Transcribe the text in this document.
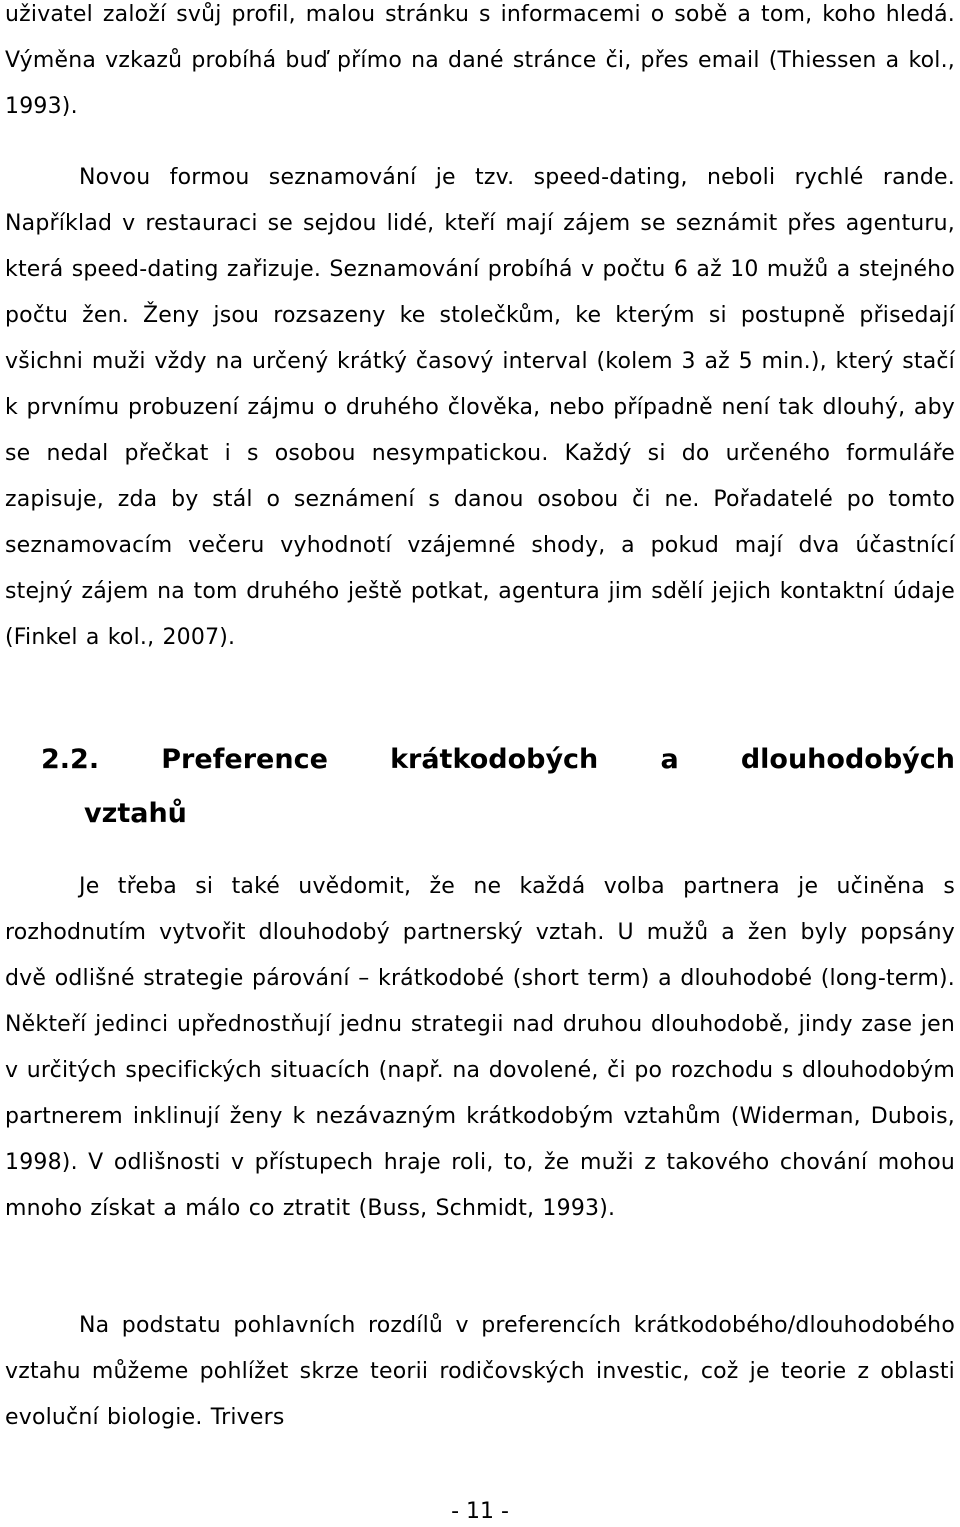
uživatel založí svůj profil, malou stránku s informacemi o sobě a tom, koho hledá. Výměna vzkazů probíhá buď přímo na dané stránce či, přes email (Thiessen a kol., 1993).

Novou formou seznamování je tzv. speed-dating, neboli rychlé rande. Například v restauraci se sejdou lidé, kteří mají zájem se seznámit přes agenturu, která speed-dating zařizuje. Seznamování probíhá v počtu 6 až 10 mužů a stejného počtu žen. Ženy jsou rozsazeny ke stolečkům, ke kterým si postupně přisedají všichni muži vždy na určený krátký časový interval (kolem 3 až 5 min.), který stačí k prvnímu probuzení zájmu o druhého člověka, nebo případně není tak dlouhý, aby se nedal přečkat i s osobou nesympatickou. Každý si do určeného formuláře zapisuje, zda by stál o seznámení s danou osobou či ne. Pořadatelé po tomto seznamovacím večeru vyhodnotí vzájemné shody, a pokud mají dva účastnící stejný zájem na tom druhého ještě potkat, agentura jim sdělí jejich kontaktní údaje (Finkel a kol., 2007).

2.2. Preference krátkodobých a dlouhodobých
vztahů

Je třeba si také uvědomit, že ne každá volba partnera je učiněna s rozhodnutím vytvořit dlouhodobý partnerský vztah. U mužů a žen byly popsány dvě odlišné strategie párování – krátkodobé (short term) a dlouhodobé (long-term). Někteří jedinci upřednostňují jednu strategii nad druhou dlouhodobě, jindy zase jen v určitých specifických situacích (např. na dovolené, či po rozchodu s dlouhodobým partnerem inklinují ženy k nezávazným krátkodobým vztahům (Widerman, Dubois, 1998). V odlišnosti v přístupech hraje roli, to, že muži z takového chování mohou mnoho získat a málo co ztratit (Buss, Schmidt, 1993).

Na podstatu pohlavních rozdílů v preferencích krátkodobého/dlouhodobého vztahu můžeme pohlížet skrze teorii rodičovských investic, což je teorie z oblasti evoluční biologie. Trivers

- 11 -
